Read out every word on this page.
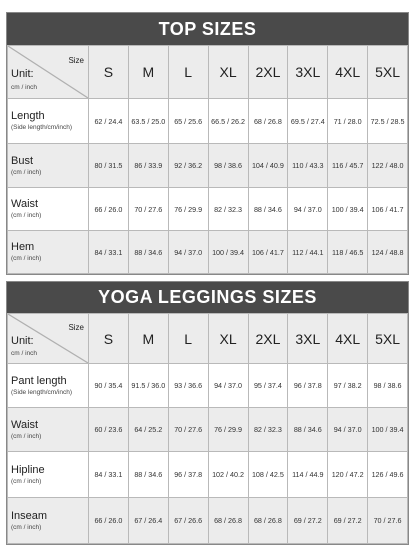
TOP SIZES
Size
Unit:
cm / inch	S	M	L	XL	2XL	3XL	4XL	5XL

Length
(Side length/cm/inch)	62 / 24.4	63.5 / 25.0	65 / 25.6	66.5 / 26.2	68 / 26.8	69.5 / 27.4	71 / 28.0	72.5 / 28.5

Bust
(cm / inch)	80 / 31.5	86 / 33.9	92 / 36.2	98 / 38.6	104 / 40.9	110 / 43.3	116 / 45.7	122 / 48.0

Waist
(cm / inch)	66 / 26.0	70 / 27.6	76 / 29.9	82 / 32.3	88 / 34.6	94 / 37.0	100 / 39.4	106 / 41.7

Hem
(cm / inch)	84 / 33.1	88 / 34.6	94 / 37.0	100 / 39.4	106 / 41.7	112 / 44.1	118 / 46.5	124 / 48.8
YOGA LEGGINGS SIZES
Size
Unit:
cm / inch	S	M	L	XL	2XL	3XL	4XL	5XL

Pant length
(Side length/cm/inch)	90 / 35.4	91.5 / 36.0	93 / 36.6	94 / 37.0	95 / 37.4	96 / 37.8	97 / 38.2	98 / 38.6

Waist
(cm / inch)	60 / 23.6	64 / 25.2	70 / 27.6	76 / 29.9	82 / 32.3	88 / 34.6	94 / 37.0	100 / 39.4

Hipline
(cm / inch)	84 / 33.1	88 / 34.6	96 / 37.8	102 / 40.2	108 / 42.5	114 / 44.9	120 / 47.2	126 / 49.6

Inseam
(cm / inch)	66 / 26.0	67 / 26.4	67 / 26.6	68 / 26.8	68 / 26.8	69 / 27.2	69 / 27.2	70 / 27.6
